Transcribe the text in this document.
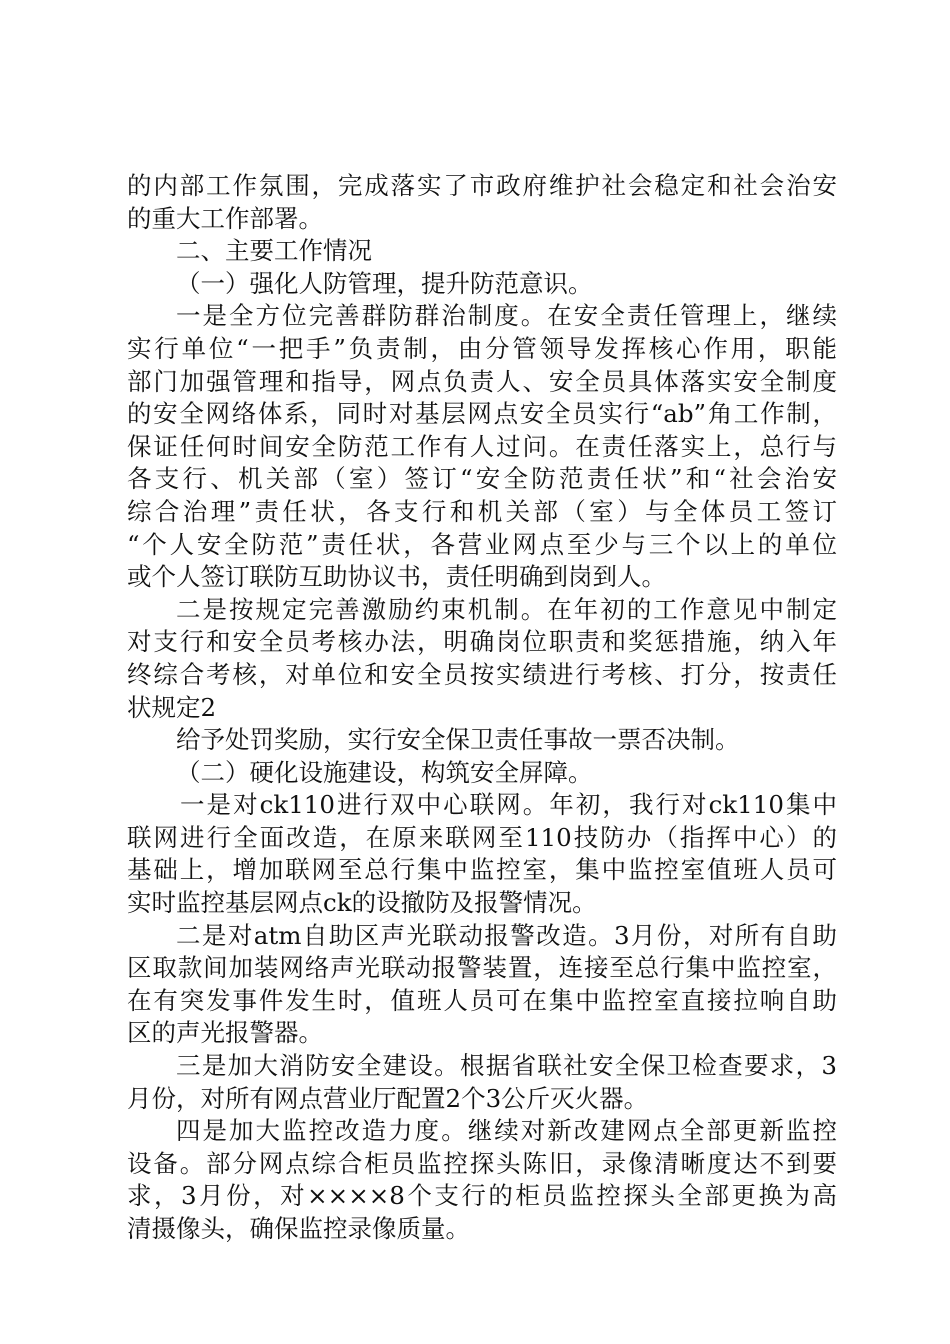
的内部工作氛围，完成落实了市政府维护社会稳定和社会治安
的重大工作部署。
二、主要工作情况
（一）强化人防管理，提升防范意识。
一是全方位完善群防群治制度。在安全责任管理上，继续
实行单位“一把手”负责制，由分管领导发挥核心作用，职能
部门加强管理和指导，网点负责人、安全员具体落实安全制度
的安全网络体系，同时对基层网点安全员实行“ab”角工作制，
保证任何时间安全防范工作有人过问。在责任落实上，总行与
各支行、机关部（室）签订“安全防范责任状”和“社会治安
综合治理”责任状，各支行和机关部（室）与全体员工签订
“个人安全防范”责任状，各营业网点至少与三个以上的单位
或个人签订联防互助协议书，责任明确到岗到人。
二是按规定完善激励约束机制。在年初的工作意见中制定
对支行和安全员考核办法，明确岗位职责和奖惩措施，纳入年
终综合考核，对单位和安全员按实绩进行考核、打分，按责任
状规定2
给予处罚奖励，实行安全保卫责任事故一票否决制。
（二）硬化设施建设，构筑安全屏障。
一是对ck110进行双中心联网。年初，我行对ck110集中
联网进行全面改造，在原来联网至110技防办（指挥中心）的
基础上，增加联网至总行集中监控室，集中监控室值班人员可
实时监控基层网点ck的设撤防及报警情况。
二是对atm自助区声光联动报警改造。3月份，对所有自助
区取款间加装网络声光联动报警装置，连接至总行集中监控室，
在有突发事件发生时，值班人员可在集中监控室直接拉响自助
区的声光报警器。
三是加大消防安全建设。根据省联社安全保卫检查要求，3
月份，对所有网点营业厅配置2个3公斤灭火器。
四是加大监控改造力度。继续对新改建网点全部更新监控
设备。部分网点综合柜员监控探头陈旧，录像清晰度达不到要
求，3月份，对××××8个支行的柜员监控探头全部更换为高
清摄像头，确保监控录像质量。
